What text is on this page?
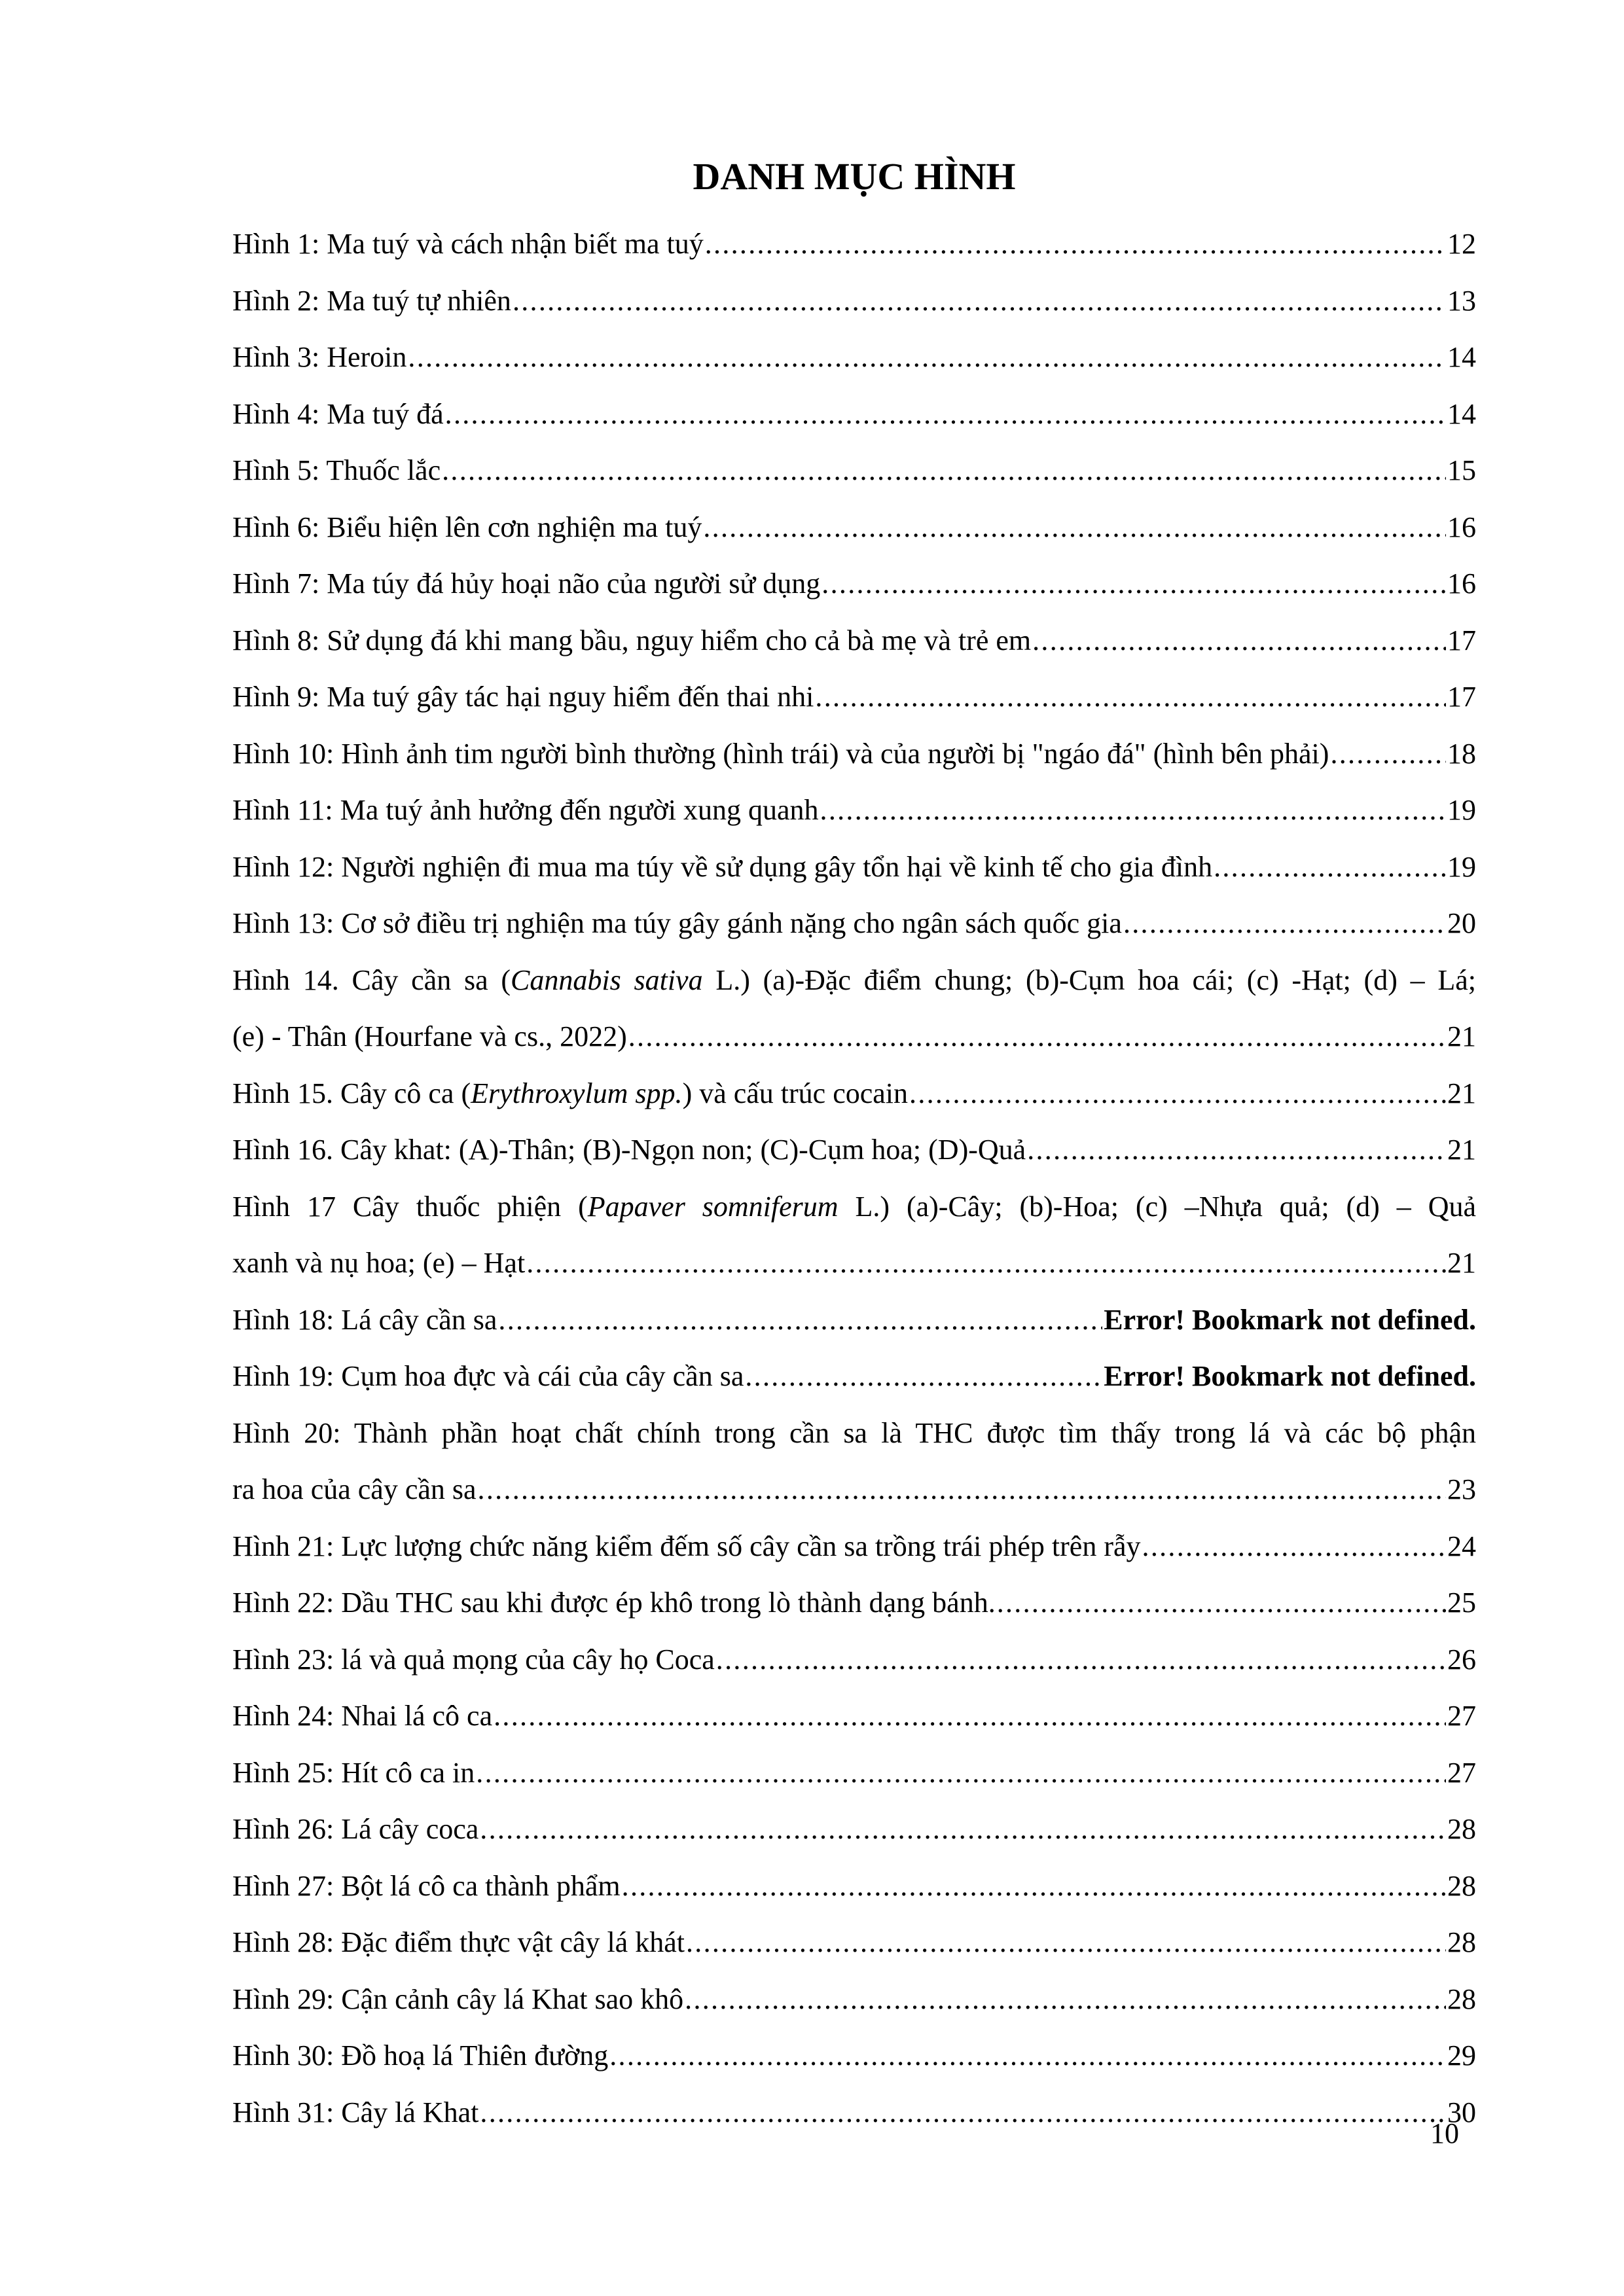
DANH MỤC HÌNH
Hình 1: Ma tuý và cách nhận biết ma tuý .....	12
Hình 2: Ma tuý tự nhiên .....	13
Hình 3: Heroin .....	14
Hình 4: Ma tuý đá .....	14
Hình 5: Thuốc lắc .....	15
Hình 6: Biểu hiện lên cơn nghiện ma tuý .....	16
Hình 7: Ma túy đá hủy hoại não của người sử dụng .....	16
Hình 8: Sử dụng đá khi mang bầu, nguy hiểm cho cả bà mẹ và trẻ em .....	17
Hình 9: Ma tuý gây tác hại nguy hiểm đến thai nhi .....	17
Hình 10: Hình ảnh tim người bình thường (hình trái) và của người bị "ngáo đá" (hình bên phải) .....	18
Hình 11: Ma tuý ảnh hưởng đến người xung quanh .....	19
Hình 12: Người nghiện đi mua ma túy về sử dụng gây tổn hại về kinh tế cho gia đình .....	19
Hình 13: Cơ sở điều trị nghiện ma túy gây gánh nặng cho ngân sách quốc gia .....	20
Hình 14. Cây cần sa (Cannabis sativa L.) (a)-Đặc điểm chung; (b)-Cụm hoa cái; (c) -Hạt; (d) – Lá;
(e) - Thân (Hourfane và cs., 2022) .....	21
Hình 15. Cây cô ca (Erythroxylum spp.) và cấu trúc cocain .....	21
Hình 16. Cây khat: (A)-Thân; (B)-Ngọn non; (C)-Cụm hoa; (D)-Quả .....	21
Hình 17 Cây thuốc phiện (Papaver somniferum L.) (a)-Cây; (b)-Hoa; (c) –Nhựa quả; (d) – Quả
xanh và nụ hoa; (e) – Hạt .....	21
Hình 18: Lá cây cần sa .....	Error! Bookmark not defined.
Hình 19: Cụm hoa đực và cái của cây cần sa .....	Error! Bookmark not defined.
Hình 20: Thành phần hoạt chất chính trong cần sa là THC được tìm thấy trong lá và các bộ phận
ra hoa của cây cần sa .....	23
Hình 21: Lực lượng chức năng kiểm đếm số cây cần sa trồng trái phép trên rẫy .....	24
Hình 22: Dầu THC sau khi được ép khô trong lò thành dạng bánh. .....	25
Hình 23: lá và quả mọng của cây họ Coca .....	26
Hình 24: Nhai lá cô ca .....	27
Hình 25: Hít cô ca in .....	27
Hình 26: Lá cây coca .....	28
Hình 27: Bột lá cô ca thành phẩm .....	28
Hình 28: Đặc điểm thực vật cây lá khát .....	28
Hình 29: Cận cảnh cây lá Khat sao khô .....	28
Hình 30: Đồ hoạ lá Thiên đường .....	29
Hình 31: Cây lá Khat .....	30
10
